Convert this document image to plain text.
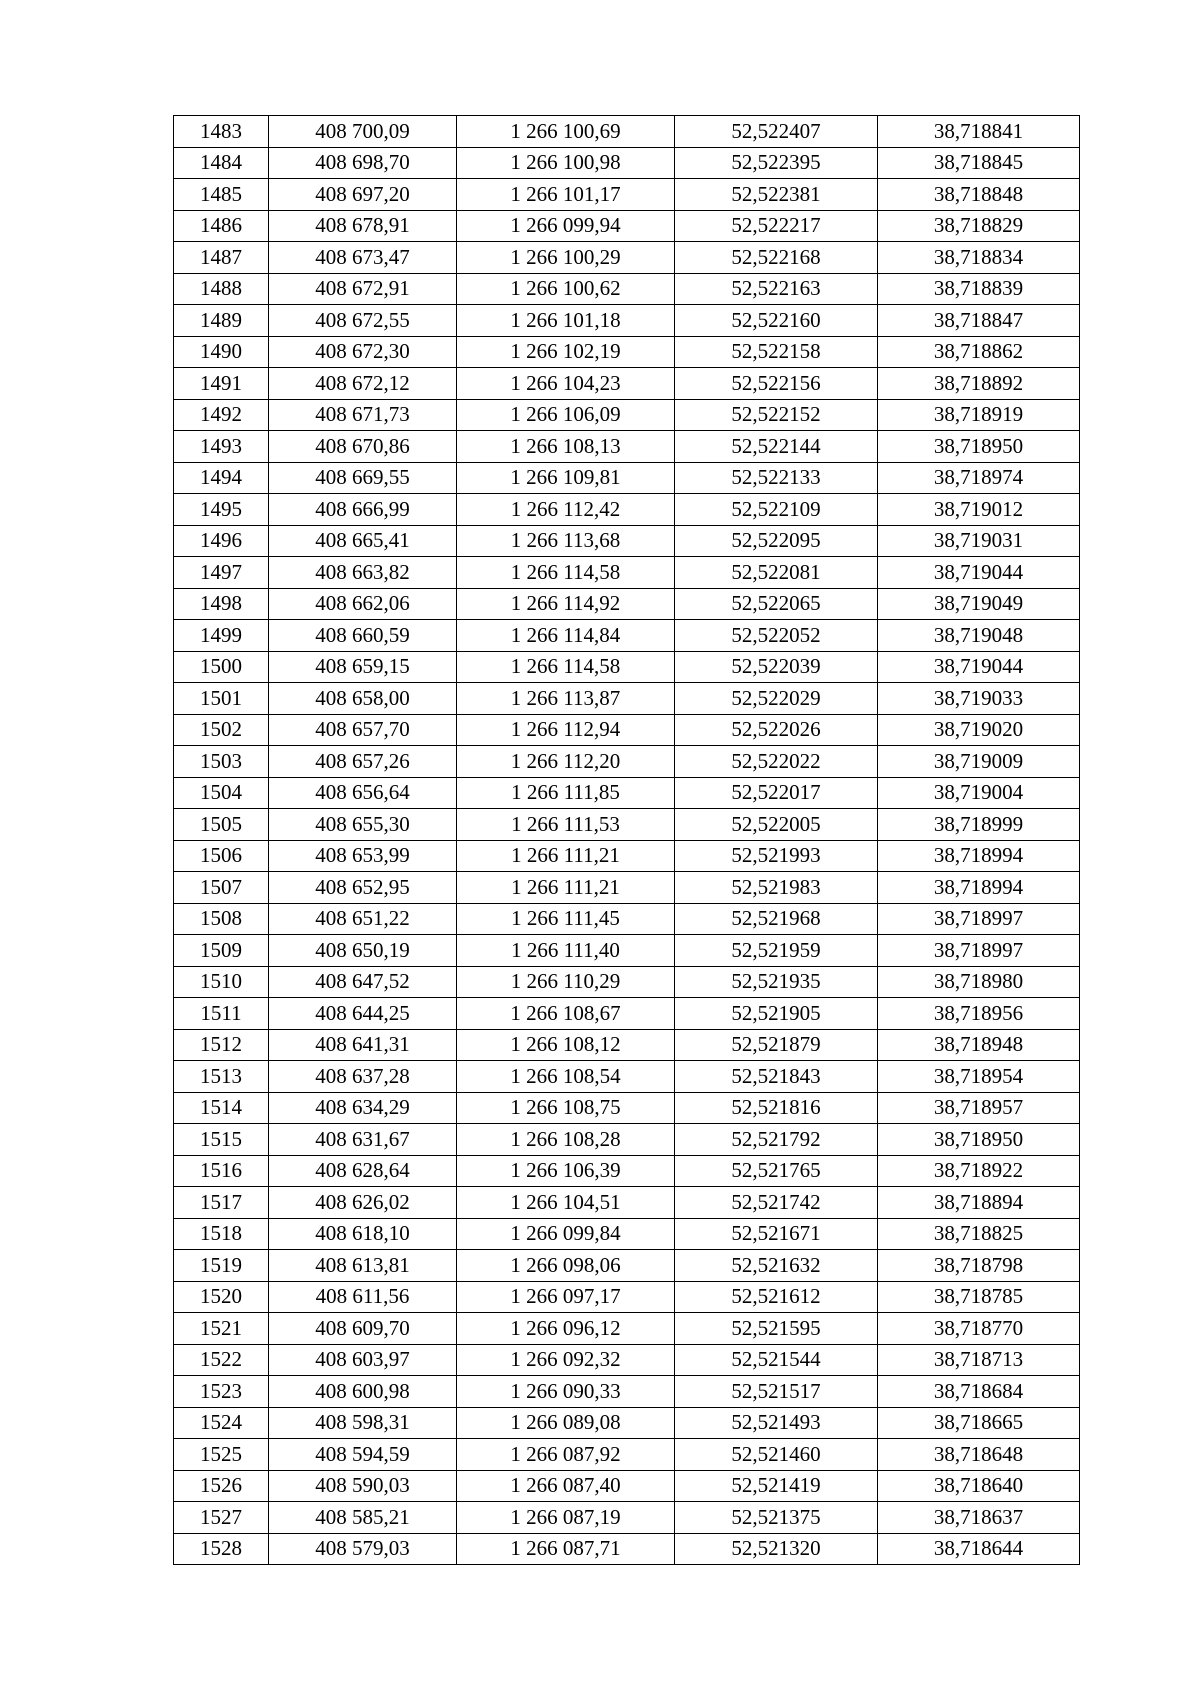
1483	408 700,09	1 266 100,69	52,522407	38,718841
1484	408 698,70	1 266 100,98	52,522395	38,718845
1485	408 697,20	1 266 101,17	52,522381	38,718848
1486	408 678,91	1 266 099,94	52,522217	38,718829
1487	408 673,47	1 266 100,29	52,522168	38,718834
1488	408 672,91	1 266 100,62	52,522163	38,718839
1489	408 672,55	1 266 101,18	52,522160	38,718847
1490	408 672,30	1 266 102,19	52,522158	38,718862
1491	408 672,12	1 266 104,23	52,522156	38,718892
1492	408 671,73	1 266 106,09	52,522152	38,718919
1493	408 670,86	1 266 108,13	52,522144	38,718950
1494	408 669,55	1 266 109,81	52,522133	38,718974
1495	408 666,99	1 266 112,42	52,522109	38,719012
1496	408 665,41	1 266 113,68	52,522095	38,719031
1497	408 663,82	1 266 114,58	52,522081	38,719044
1498	408 662,06	1 266 114,92	52,522065	38,719049
1499	408 660,59	1 266 114,84	52,522052	38,719048
1500	408 659,15	1 266 114,58	52,522039	38,719044
1501	408 658,00	1 266 113,87	52,522029	38,719033
1502	408 657,70	1 266 112,94	52,522026	38,719020
1503	408 657,26	1 266 112,20	52,522022	38,719009
1504	408 656,64	1 266 111,85	52,522017	38,719004
1505	408 655,30	1 266 111,53	52,522005	38,718999
1506	408 653,99	1 266 111,21	52,521993	38,718994
1507	408 652,95	1 266 111,21	52,521983	38,718994
1508	408 651,22	1 266 111,45	52,521968	38,718997
1509	408 650,19	1 266 111,40	52,521959	38,718997
1510	408 647,52	1 266 110,29	52,521935	38,718980
1511	408 644,25	1 266 108,67	52,521905	38,718956
1512	408 641,31	1 266 108,12	52,521879	38,718948
1513	408 637,28	1 266 108,54	52,521843	38,718954
1514	408 634,29	1 266 108,75	52,521816	38,718957
1515	408 631,67	1 266 108,28	52,521792	38,718950
1516	408 628,64	1 266 106,39	52,521765	38,718922
1517	408 626,02	1 266 104,51	52,521742	38,718894
1518	408 618,10	1 266 099,84	52,521671	38,718825
1519	408 613,81	1 266 098,06	52,521632	38,718798
1520	408 611,56	1 266 097,17	52,521612	38,718785
1521	408 609,70	1 266 096,12	52,521595	38,718770
1522	408 603,97	1 266 092,32	52,521544	38,718713
1523	408 600,98	1 266 090,33	52,521517	38,718684
1524	408 598,31	1 266 089,08	52,521493	38,718665
1525	408 594,59	1 266 087,92	52,521460	38,718648
1526	408 590,03	1 266 087,40	52,521419	38,718640
1527	408 585,21	1 266 087,19	52,521375	38,718637
1528	408 579,03	1 266 087,71	52,521320	38,718644
